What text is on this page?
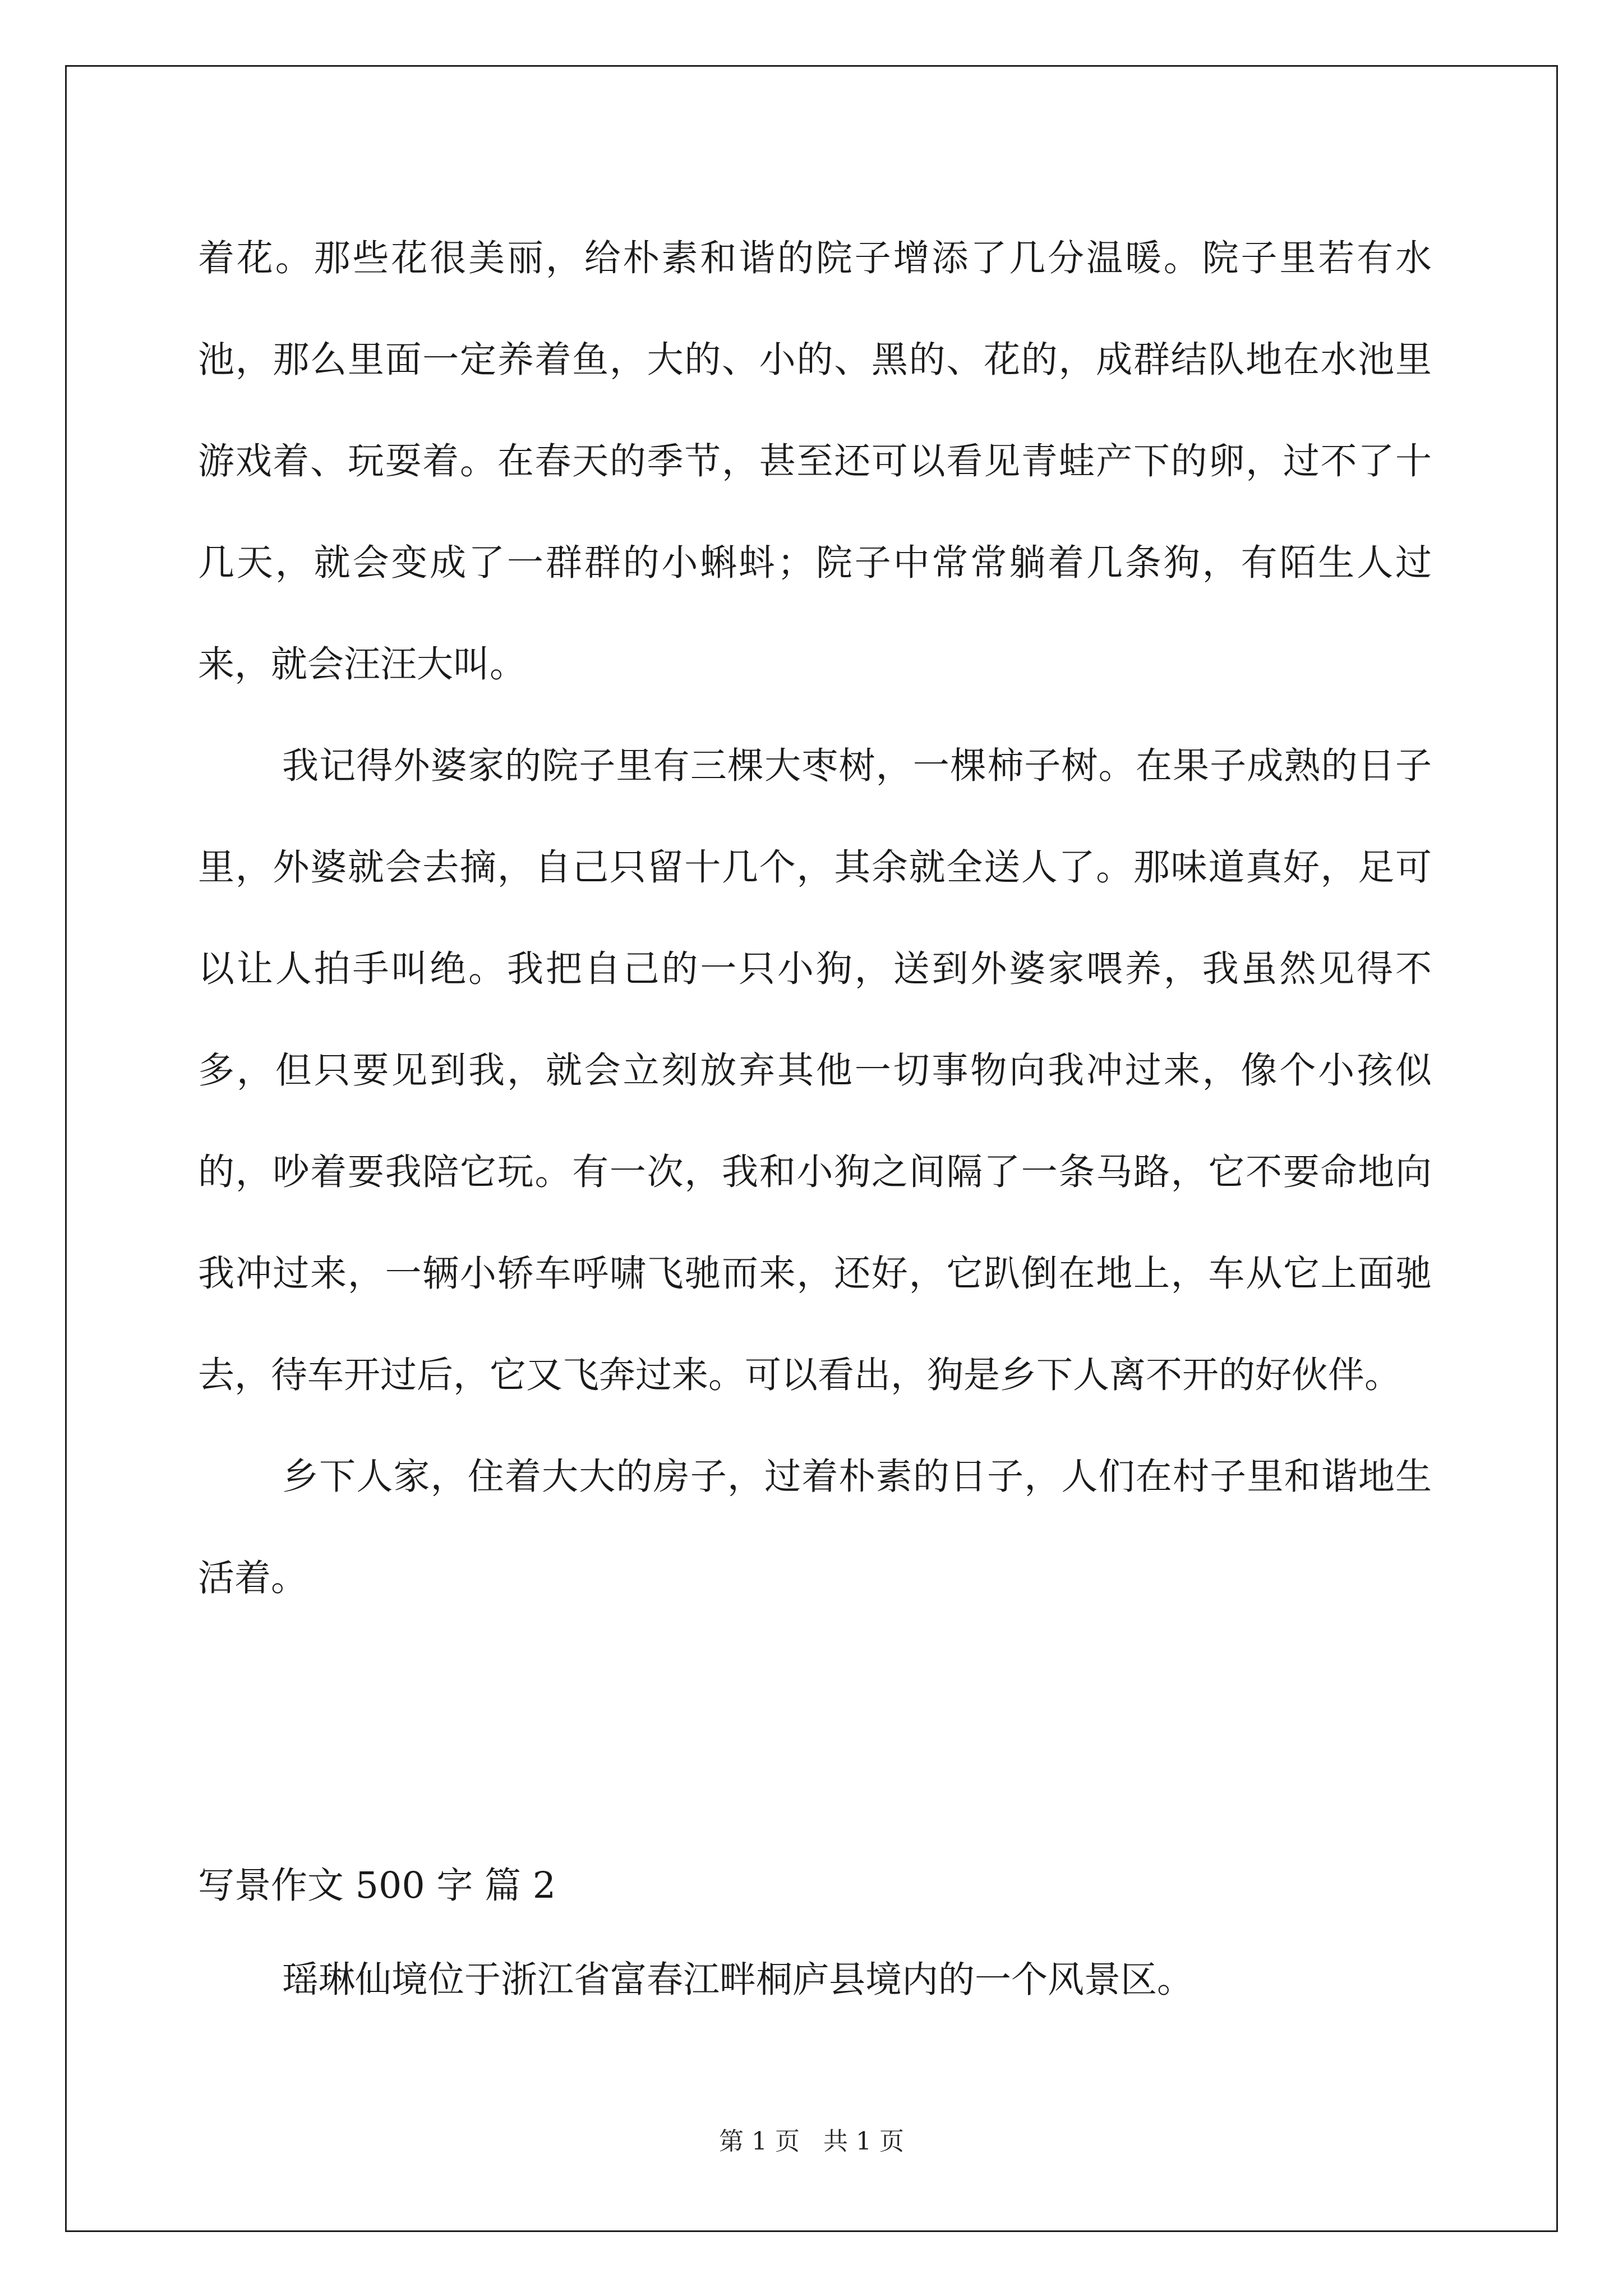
着花。那些花很美丽，给朴素和谐的院子增添了几分温暖。院子里若有水池，那么里面一定养着鱼，大的、小的、黑的、花的，成群结队地在水池里游戏着、玩耍着。在春天的季节，甚至还可以看见青蛙产下的卵，过不了十几天，就会变成了一群群的小蝌蚪；院子中常常躺着几条狗，有陌生人过来，就会汪汪大叫。

我记得外婆家的院子里有三棵大枣树，一棵柿子树。在果子成熟的日子里，外婆就会去摘，自己只留十几个，其余就全送人了。那味道真好，足可以让人拍手叫绝。我把自己的一只小狗，送到外婆家喂养，我虽然见得不多，但只要见到我，就会立刻放弃其他一切事物向我冲过来，像个小孩似的，吵着要我陪它玩。有一次，我和小狗之间隔了一条马路，它不要命地向我冲过来，一辆小轿车呼啸飞驰而来，还好，它趴倒在地上，车从它上面驰去，待车开过后，它又飞奔过来。可以看出，狗是乡下人离不开的好伙伴。

乡下人家，住着大大的房子，过着朴素的日子，人们在村子里和谐地生活着。

写景作文 500 字 篇 2

瑶琳仙境位于浙江省富春江畔桐庐县境内的一个风景区。

第 1 页 共 1 页
